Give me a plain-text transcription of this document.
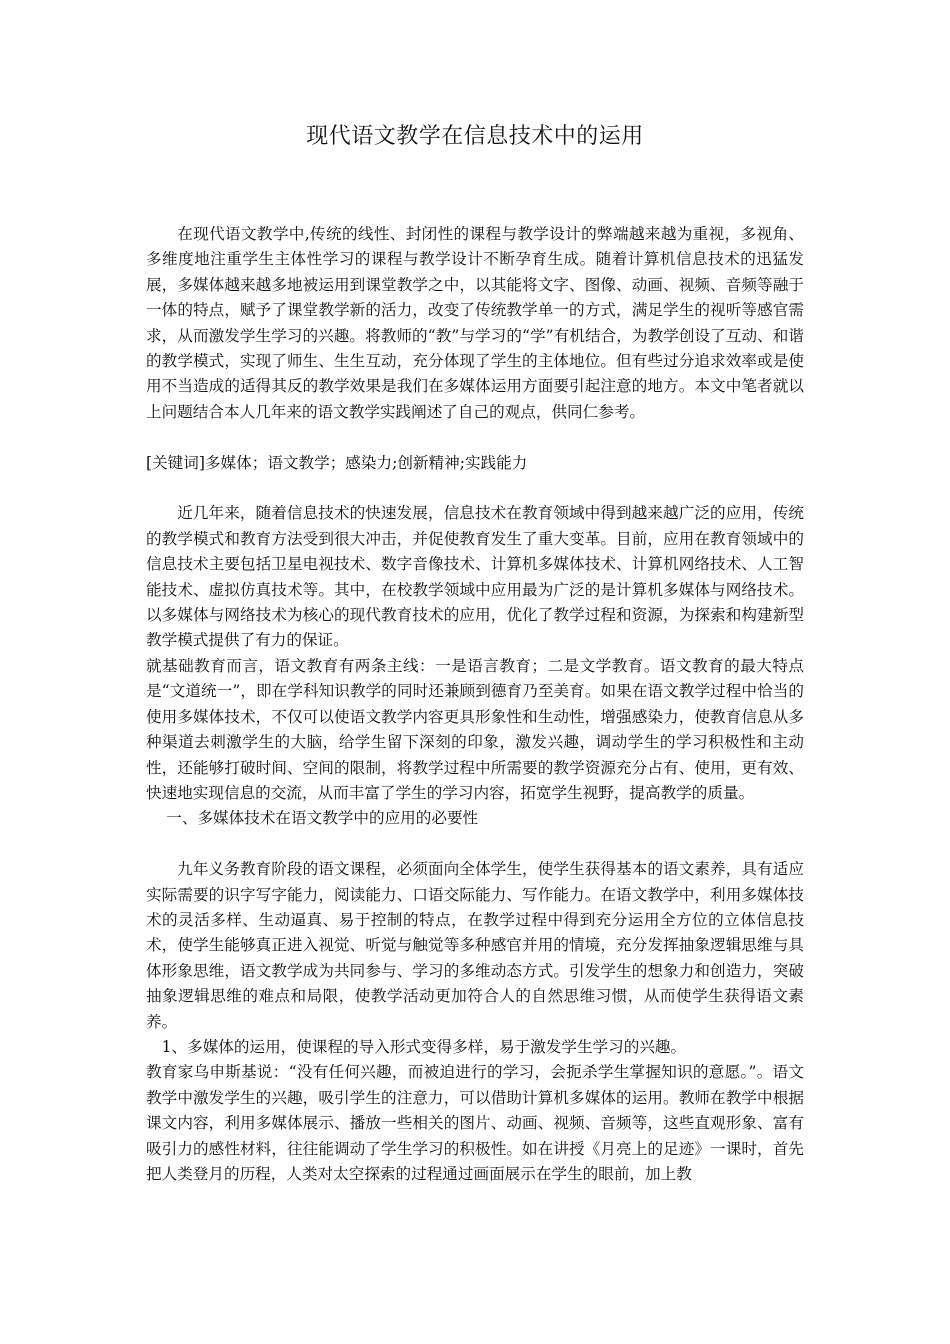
现代语文教学在信息技术中的运用

在现代语文教学中,传统的线性、封闭性的课程与教学设计的弊端越来越为重视，多视角、多维度地注重学生主体性学习的课程与教学设计不断孕育生成。随着计算机信息技术的迅猛发展，多媒体越来越多地被运用到课堂教学之中，以其能将文字、图像、动画、视频、音频等融于一体的特点，赋予了课堂教学新的活力，改变了传统教学单一的方式，满足学生的视听等感官需求，从而激发学生学习的兴趣。将教师的“教”与学习的“学”有机结合，为教学创设了互动、和谐的教学模式，实现了师生、生生互动，充分体现了学生的主体地位。但有些过分追求效率或是使用不当造成的适得其反的教学效果是我们在多媒体运用方面要引起注意的地方。本文中笔者就以上问题结合本人几年来的语文教学实践阐述了自己的观点，供同仁参考。

[关键词]多媒体；语文教学；感染力;创新精神;实践能力

近几年来，随着信息技术的快速发展，信息技术在教育领域中得到越来越广泛的应用，传统的教学模式和教育方法受到很大冲击，并促使教育发生了重大变革。目前，应用在教育领域中的信息技术主要包括卫星电视技术、数字音像技术、计算机多媒体技术、计算机网络技术、人工智能技术、虚拟仿真技术等。其中，在校教学领域中应用最为广泛的是计算机多媒体与网络技术。以多媒体与网络技术为核心的现代教育技术的应用，优化了教学过程和资源，为探索和构建新型教学模式提供了有力的保证。

就基础教育而言，语文教育有两条主线：一是语言教育；二是文学教育。语文教育的最大特点是“文道统一”，即在学科知识教学的同时还兼顾到德育乃至美育。如果在语文教学过程中恰当的使用多媒体技术，不仅可以使语文教学内容更具形象性和生动性，增强感染力，使教育信息从多种渠道去刺激学生的大脑，给学生留下深刻的印象，激发兴趣，调动学生的学习积极性和主动性，还能够打破时间、空间的限制，将教学过程中所需要的教学资源充分占有、使用，更有效、快速地实现信息的交流，从而丰富了学生的学习内容，拓宽学生视野，提高教学的质量。

一、多媒体技术在语文教学中的应用的必要性

九年义务教育阶段的语文课程，必须面向全体学生，使学生获得基本的语文素养，具有适应实际需要的识字写字能力，阅读能力、口语交际能力、写作能力。在语文教学中，利用多媒体技术的灵活多样、生动逼真、易于控制的特点，在教学过程中得到充分运用全方位的立体信息技术，使学生能够真正进入视觉、听觉与触觉等多种感官并用的情境，充分发挥抽象逻辑思维与具体形象思维，语文教学成为共同参与、学习的多维动态方式。引发学生的想象力和创造力，突破抽象逻辑思维的难点和局限，使教学活动更加符合人的自然思维习惯，从而使学生获得语文素养。

1、多媒体的运用，使课程的导入形式变得多样，易于激发学生学习的兴趣。

教育家乌申斯基说：“没有任何兴趣，而被迫进行的学习，会扼杀学生掌握知识的意愿。”。语文教学中激发学生的兴趣，吸引学生的注意力，可以借助计算机多媒体的运用。教师在教学中根据课文内容，利用多媒体展示、播放一些相关的图片、动画、视频、音频等，这些直观形象、富有吸引力的感性材料，往往能调动了学生学习的积极性。如在讲授《月亮上的足迹》一课时，首先把人类登月的历程，人类对太空探索的过程通过画面展示在学生的眼前，加上教
